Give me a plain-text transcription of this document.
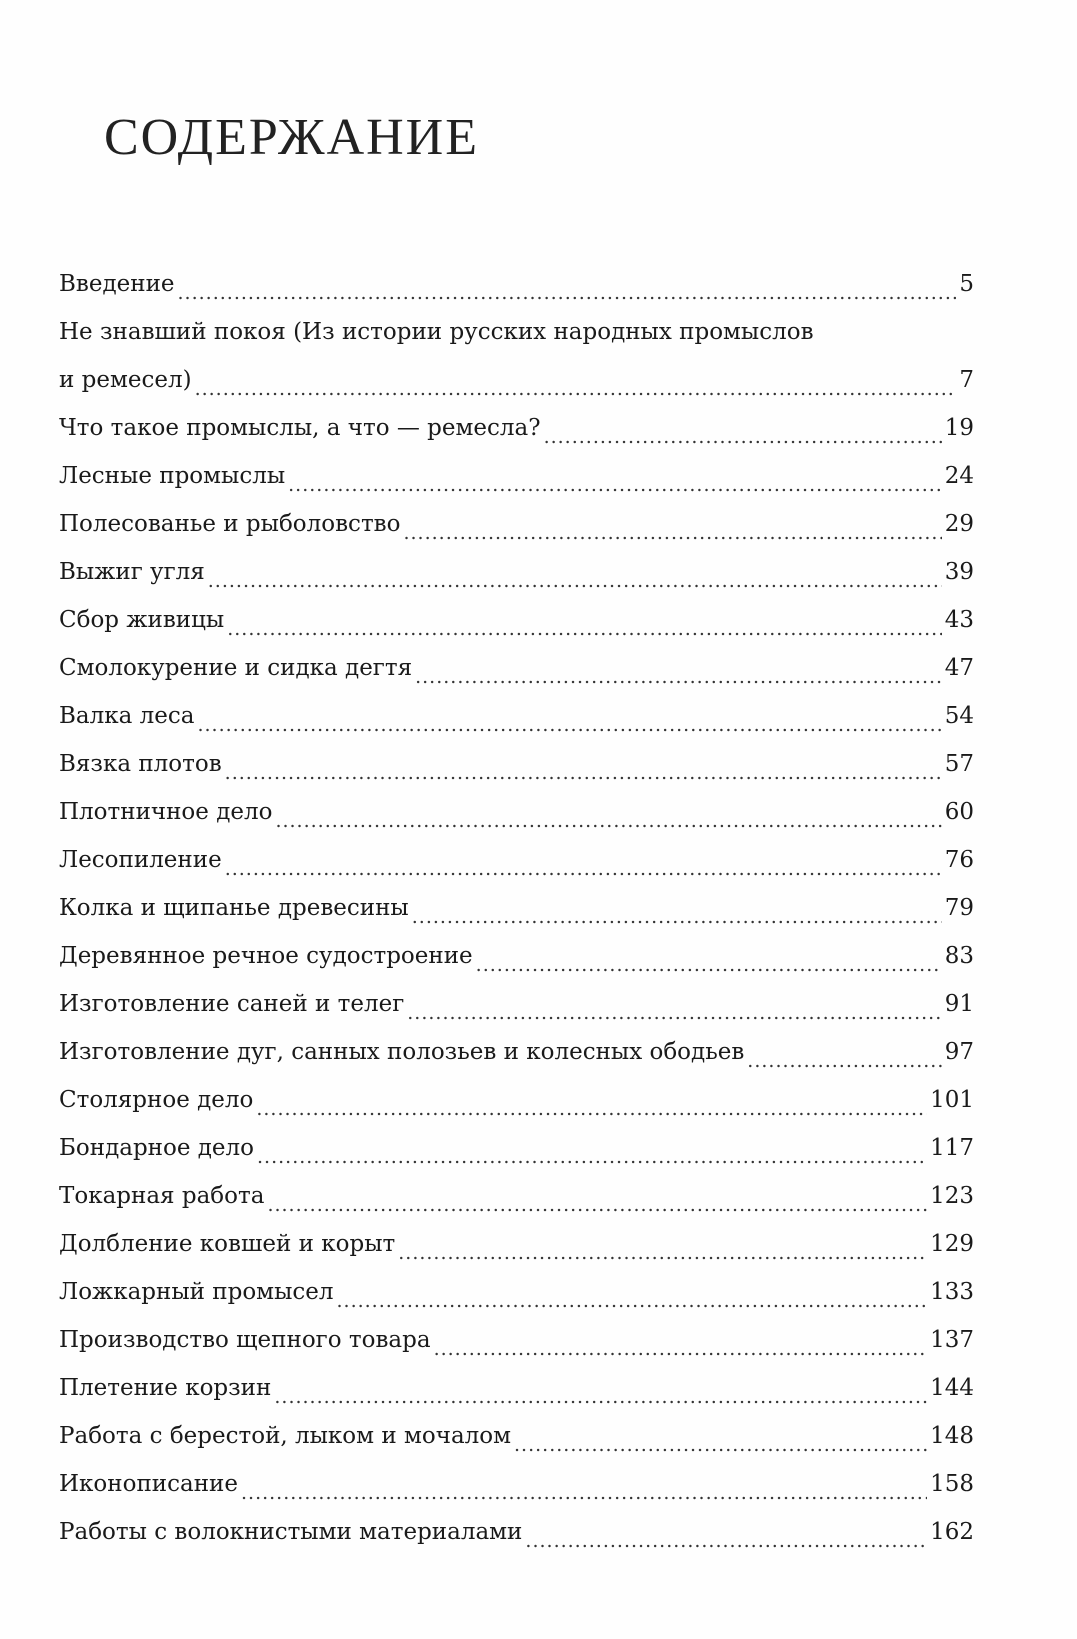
СОДЕРЖАНИЕ
Введение .....	5
Не знавший покоя (Из истории русских народных промыслов
и ремесел) .....	7
Что такое промыслы, а что — ремесла? .....	19
Лесные промыслы .....	24
Полесованье и рыболовство .....	29
Выжиг угля .....	39
Сбор живицы .....	43
Смолокурение и сидка дегтя .....	47
Валка леса .....	54
Вязка плотов .....	57
Плотничное дело .....	60
Лесопиление .....	76
Колка и щипанье древесины .....	79
Деревянное речное судостроение .....	83
Изготовление саней и телег .....	91
Изготовление дуг, санных полозьев и колесных ободьев .....	97
Столярное дело .....	101
Бондарное дело .....	117
Токарная работа .....	123
Долбление ковшей и корыт .....	129
Ложкарный промысел .....	133
Производство щепного товара .....	137
Плетение корзин .....	144
Работа с берестой, лыком и мочалом .....	148
Иконописание .....	158
Работы с волокнистыми материалами .....	162
